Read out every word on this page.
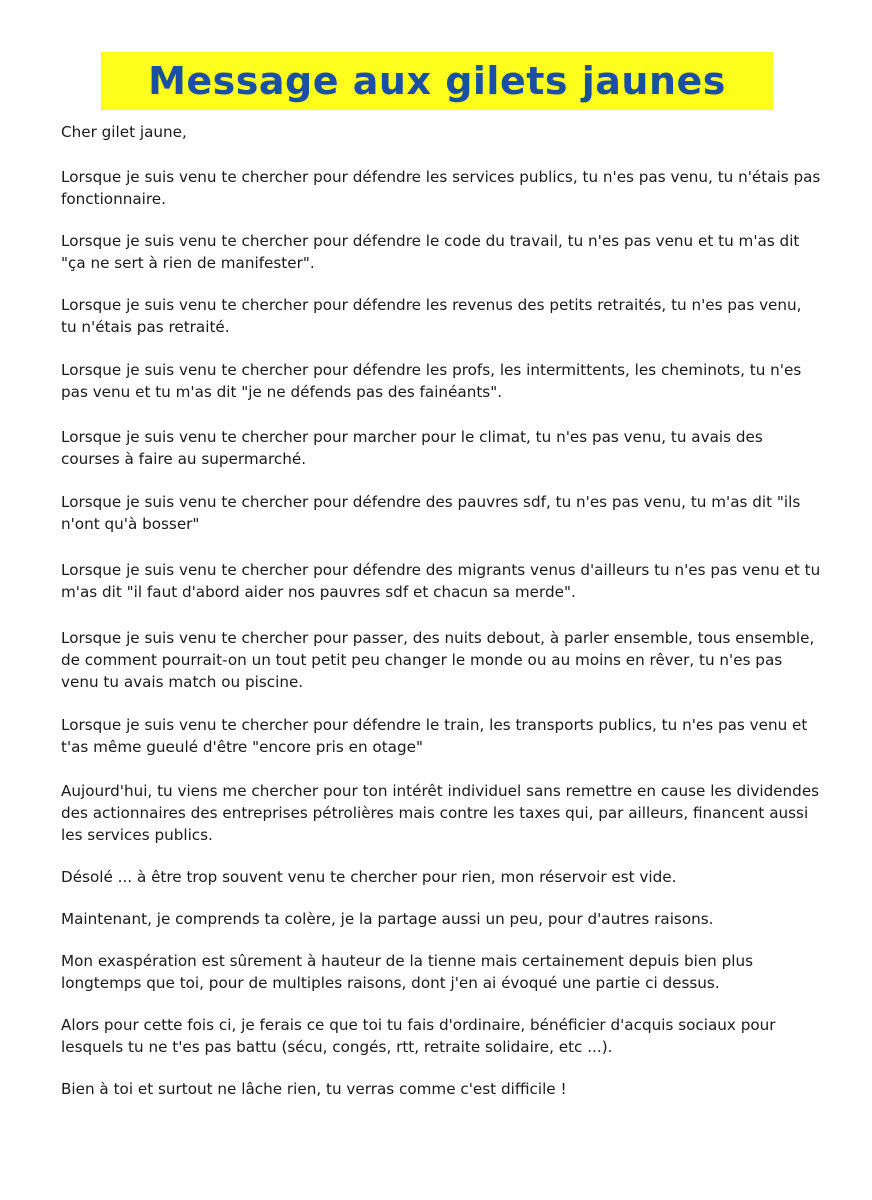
Message aux gilets jaunes

Cher gilet jaune,

Lorsque je suis venu te chercher pour défendre les services publics, tu n'es pas venu, tu n'étais pas fonctionnaire.

Lorsque je suis venu te chercher pour défendre le code du travail, tu n'es pas venu et tu m'as dit "ça ne sert à rien de manifester".

Lorsque je suis venu te chercher pour défendre les revenus des petits retraités, tu n'es pas venu, tu n'étais pas retraité.

Lorsque je suis venu te chercher pour défendre les profs, les intermittents, les cheminots, tu n'es pas venu et tu m'as dit "je ne défends pas des fainéants".

Lorsque je suis venu te chercher pour marcher pour le climat, tu n'es pas venu, tu avais des courses à faire au supermarché.

Lorsque je suis venu te chercher pour défendre des pauvres sdf, tu n'es pas venu, tu m'as dit "ils n'ont qu'à bosser"

Lorsque je suis venu te chercher pour défendre des migrants venus d'ailleurs tu n'es pas venu et tu m'as dit "il faut d'abord aider nos pauvres sdf et chacun sa merde".

Lorsque je suis venu te chercher pour passer, des nuits debout, à parler ensemble, tous ensemble, de comment pourrait-on un tout petit peu changer le monde ou au moins en rêver, tu n'es pas venu tu avais match ou piscine.

Lorsque je suis venu te chercher pour défendre le train, les transports publics, tu n'es pas venu et t'as même gueulé d'être "encore pris en otage"

Aujourd'hui, tu viens me chercher pour ton intérêt individuel sans remettre en cause les dividendes des actionnaires des entreprises pétrolières mais contre les taxes qui, par ailleurs, financent aussi les services publics.

Désolé ... à être trop souvent venu te chercher pour rien, mon réservoir est vide.

Maintenant, je comprends ta colère, je la partage aussi un peu, pour d'autres raisons.

Mon exaspération est sûrement à hauteur de la tienne mais certainement depuis bien plus longtemps que toi, pour de multiples raisons, dont j'en ai évoqué une partie ci dessus.

Alors pour cette fois ci, je ferais ce que toi tu fais d'ordinaire, bénéficier d'acquis sociaux pour lesquels tu ne t'es pas battu (sécu, congés, rtt, retraite solidaire, etc ...).

Bien à toi et surtout ne lâche rien, tu verras comme c'est difficile !
